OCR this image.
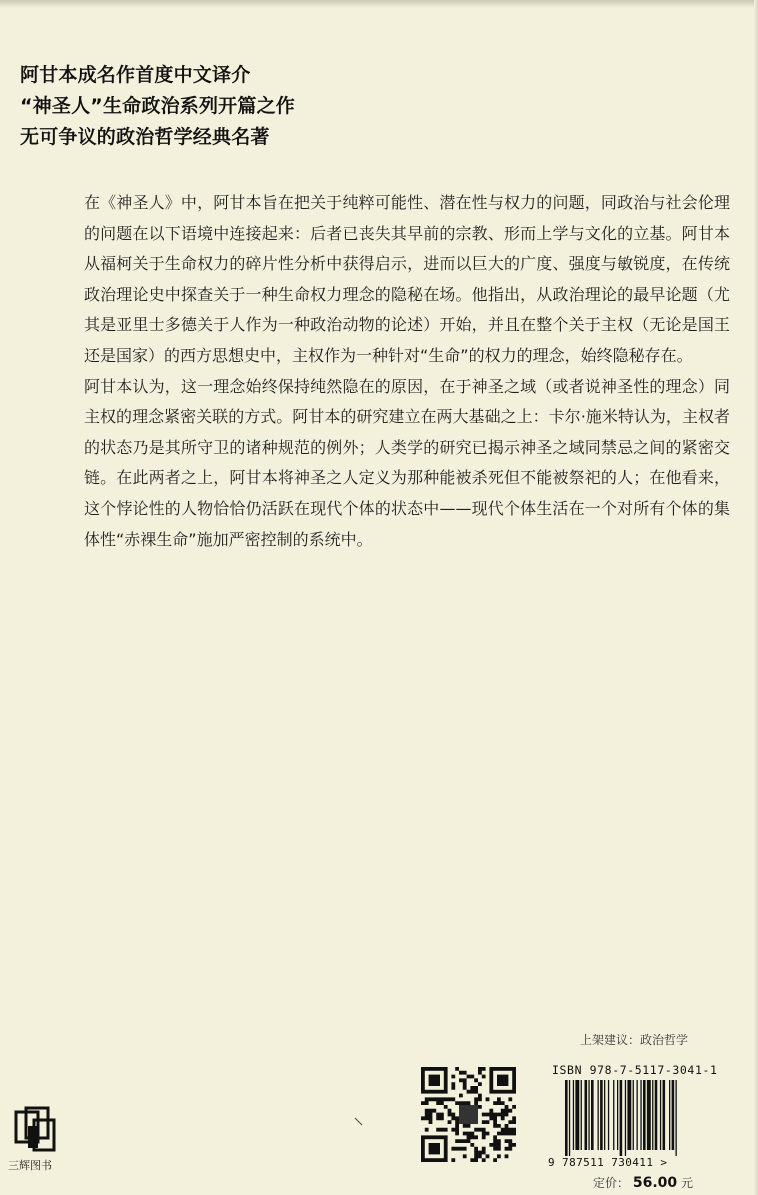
阿甘本成名作首度中文译介
“神圣人”生命政治系列开篇之作
无可争议的政治哲学经典名著

在《神圣人》中，阿甘本旨在把关于纯粹可能性、潜在性与权力的问题，同政治与社会伦理的问题在以下语境中连接起来：后者已丧失其早前的宗教、形而上学与文化的立基。阿甘本从福柯关于生命权力的碎片性分析中获得启示，进而以巨大的广度、强度与敏锐度，在传统政治理论史中探查关于一种生命权力理念的隐秘在场。他指出，从政治理论的最早论题（尤其是亚里士多德关于人作为一种政治动物的论述）开始，并且在整个关于主权（无论是国王还是国家）的西方思想史中，主权作为一种针对“生命”的权力的理念，始终隐秘存在。

阿甘本认为，这一理念始终保持纯然隐在的原因，在于神圣之域（或者说神圣性的理念）同主权的理念紧密关联的方式。阿甘本的研究建立在两大基础之上：卡尔·施米特认为，主权者的状态乃是其所守卫的诸种规范的例外；人类学的研究已揭示神圣之域同禁忌之间的紧密交链。在此两者之上，阿甘本将神圣之人定义为那种能被杀死但不能被祭祀的人；在他看来，这个悖论性的人物恰恰仍活跃在现代个体的状态中——现代个体生活在一个对所有个体的集体性“赤裸生命”施加严密控制的系统中。

上架建议：政治哲学
ISBN 978-7-5117-3041-1
9 787511 730411 >
定价： 56.00 元
三辉图书
